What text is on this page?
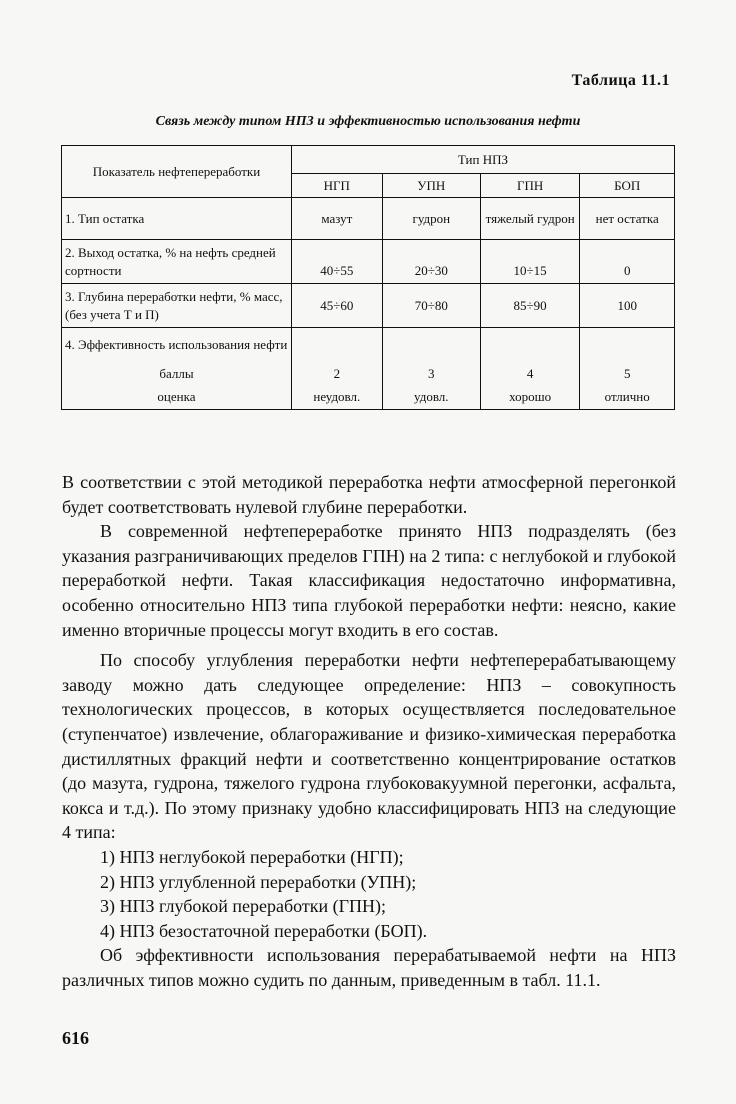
Таблица 11.1
Связь между типом НПЗ и эффективностью использования нефти
Показатель нефтепереработки	Тип НПЗ			
	НГП	УПН	ГПН	БОП
1. Тип остатка	мазут	гудрон	тяжелый гудрон	нет остатка
2. Выход остатка, % на нефть средней сортности	40÷55	20÷30	10÷15	0
3. Глубина переработки нефти, % масс, (без учета Т и П)	45÷60	70÷80	85÷90	100
4. Эффективность использования нефти				
баллы	2	3	4	5
оценка	неудовл.	удовл.	хорошо	отлично

В соответствии с этой методикой переработка нефти атмосферной перегонкой будет соответствовать нулевой глубине переработки.

В современной нефтепереработке принято НПЗ подразделять (без указания разграничивающих пределов ГПН) на 2 типа: с неглубокой и глубокой переработкой нефти. Такая классификация недостаточно информативна, особенно относительно НПЗ типа глубокой переработки нефти: неясно, какие именно вторичные процессы могут входить в его состав.

По способу углубления переработки нефти нефтеперерабатывающему заводу можно дать следующее определение: НПЗ – совокупность технологических процессов, в которых осуществляется последовательное (ступенчатое) извлечение, облагораживание и физико-химическая переработка дистиллятных фракций нефти и соответственно концентрирование остатков (до мазута, гудрона, тяжелого гудрона глубоковакуумной перегонки, асфальта, кокса и т.д.). По этому признаку удобно классифицировать НПЗ на следующие 4 типа:

1) НПЗ неглубокой переработки (НГП);

2) НПЗ углубленной переработки (УПН);

3) НПЗ глубокой переработки (ГПН);

4) НПЗ безостаточной переработки (БОП).

Об эффективности использования перерабатываемой нефти на НПЗ различных типов можно судить по данным, приведенным в табл. 11.1.

616
